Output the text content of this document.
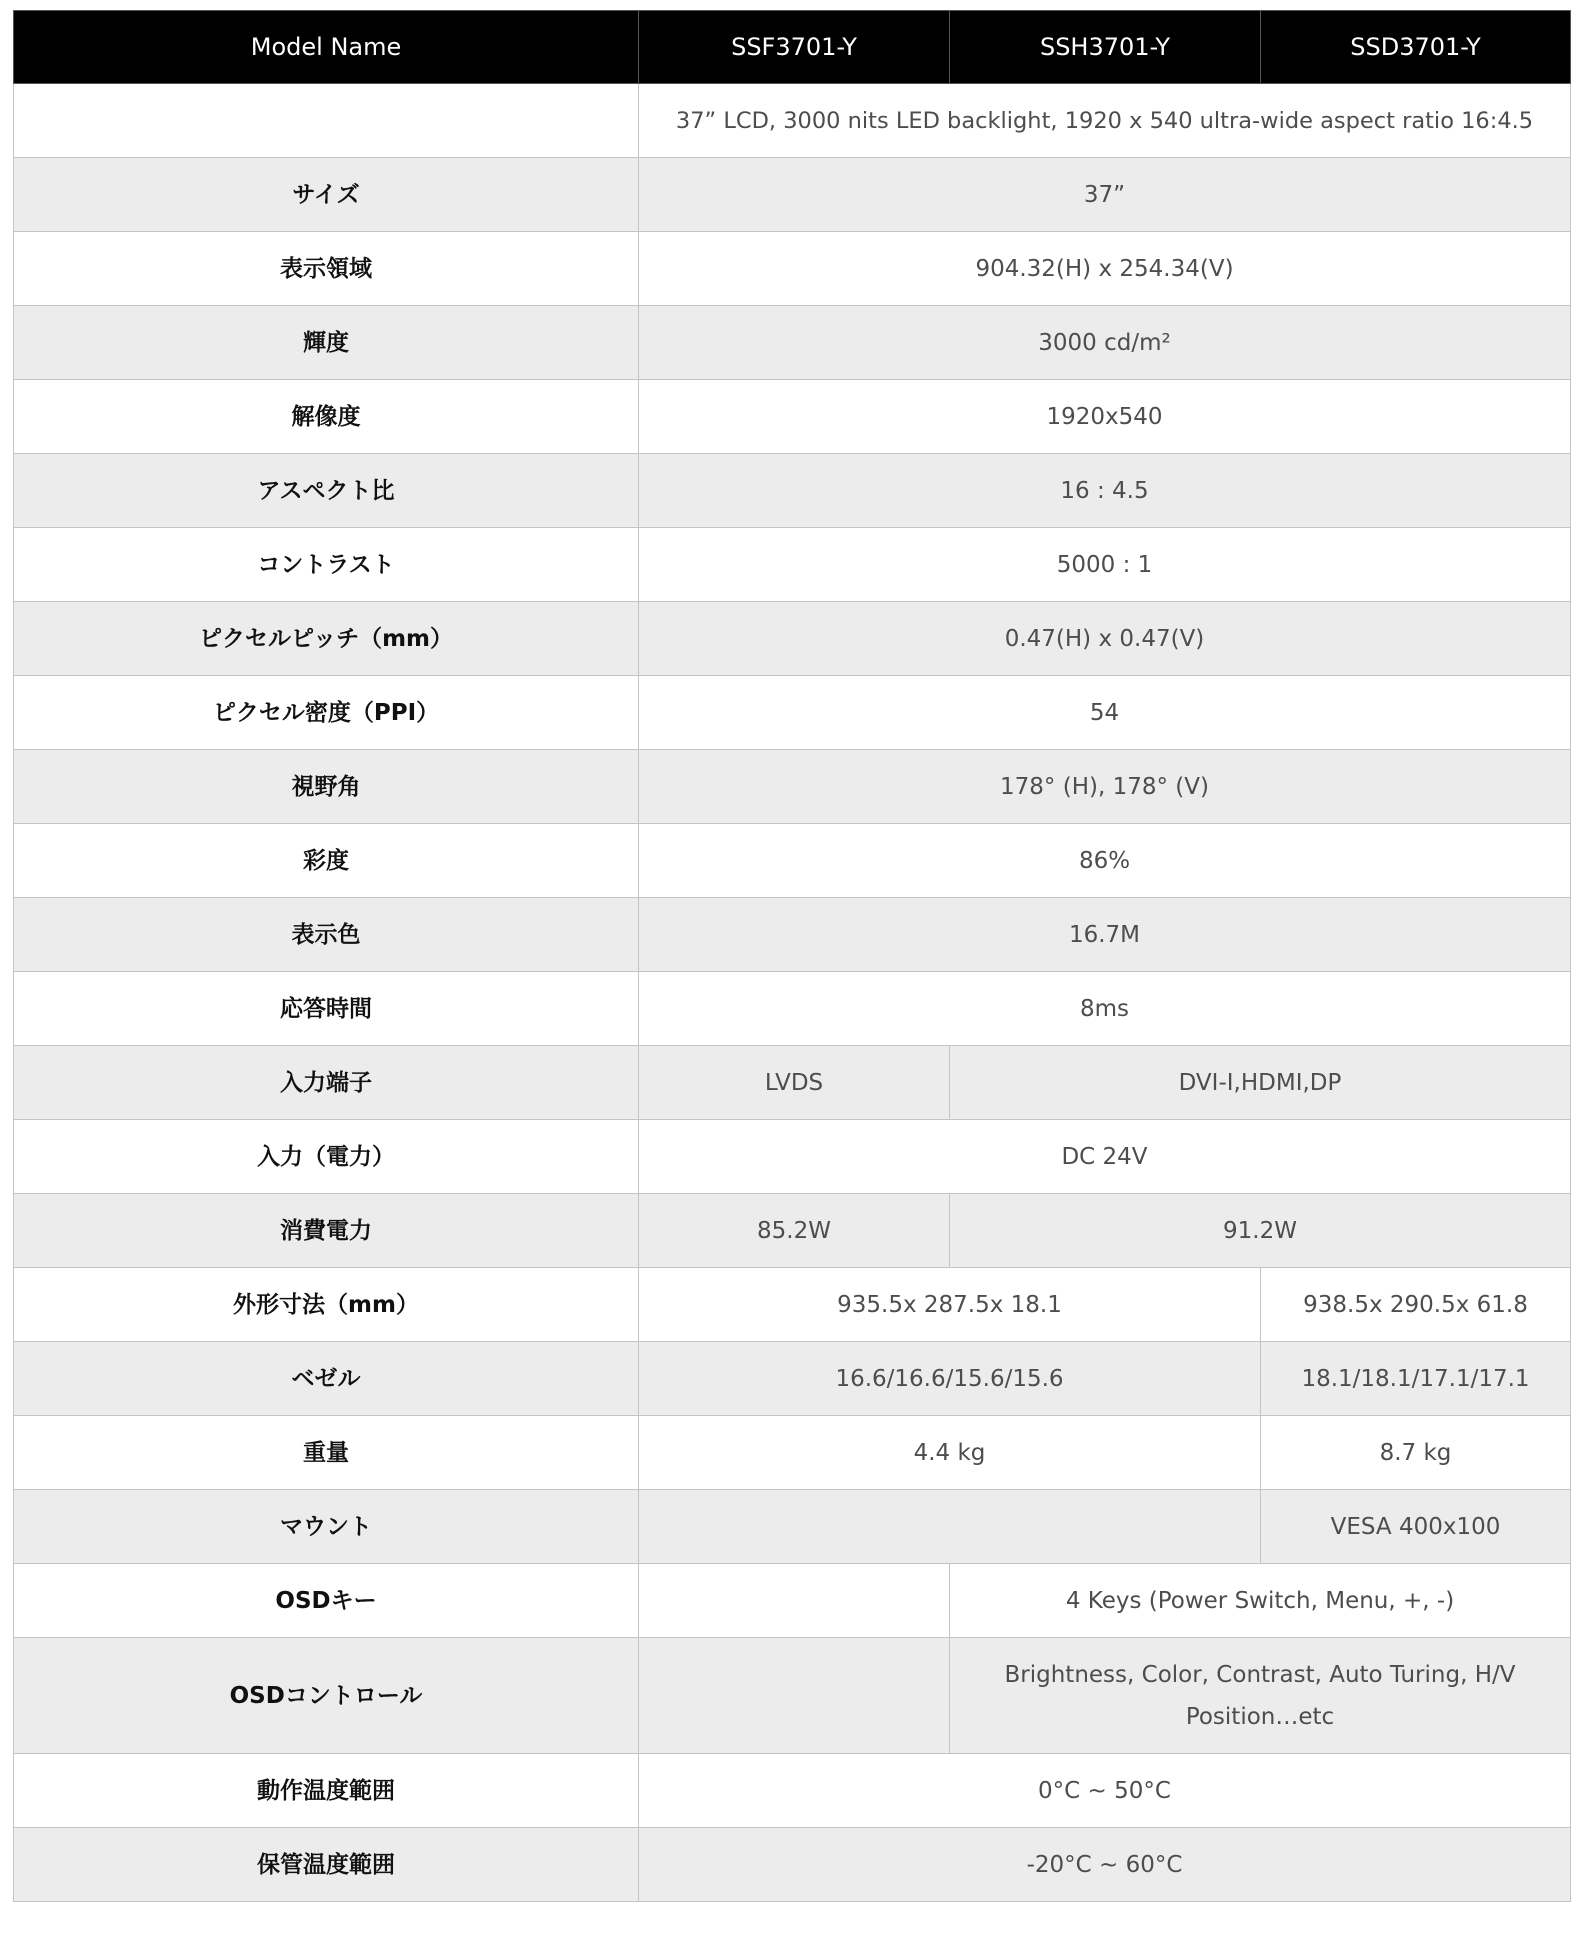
Model Name	SSF3701-Y	SSH3701-Y	SSD3701-Y
	37” LCD, 3000 nits LED backlight, 1920 x 540 ultra-wide aspect ratio 16:4.5		
サイズ	37”		
表示領域	904.32(H) x 254.34(V)		
輝度	3000 cd/m²		
解像度	1920x540		
アスペクト比	16 : 4.5		
コントラスト	5000 : 1		
ピクセルピッチ（mm）	0.47(H) x 0.47(V)		
ピクセル密度（PPI）	54		
視野角	178° (H), 178° (V)		
彩度	86%		
表示色	16.7M		
応答時間	8ms		
入力端子	LVDS	DVI-I,HDMI,DP	
入力（電力）	DC 24V		
消費電力	85.2W	91.2W	
外形寸法（mm）	935.5x 287.5x 18.1		938.5x 290.5x 61.8
ベゼル	16.6/16.6/15.6/15.6		18.1/18.1/17.1/17.1
重量	4.4 kg		8.7 kg
マウント			VESA 400x100
OSDキー		4 Keys (Power Switch, Menu, +, -)	
OSDコントロール		Brightness, Color, Contrast, Auto Turing, H/V Position…etc	
動作温度範囲	0°C ~ 50°C		
保管温度範囲	-20°C ~ 60°C		
